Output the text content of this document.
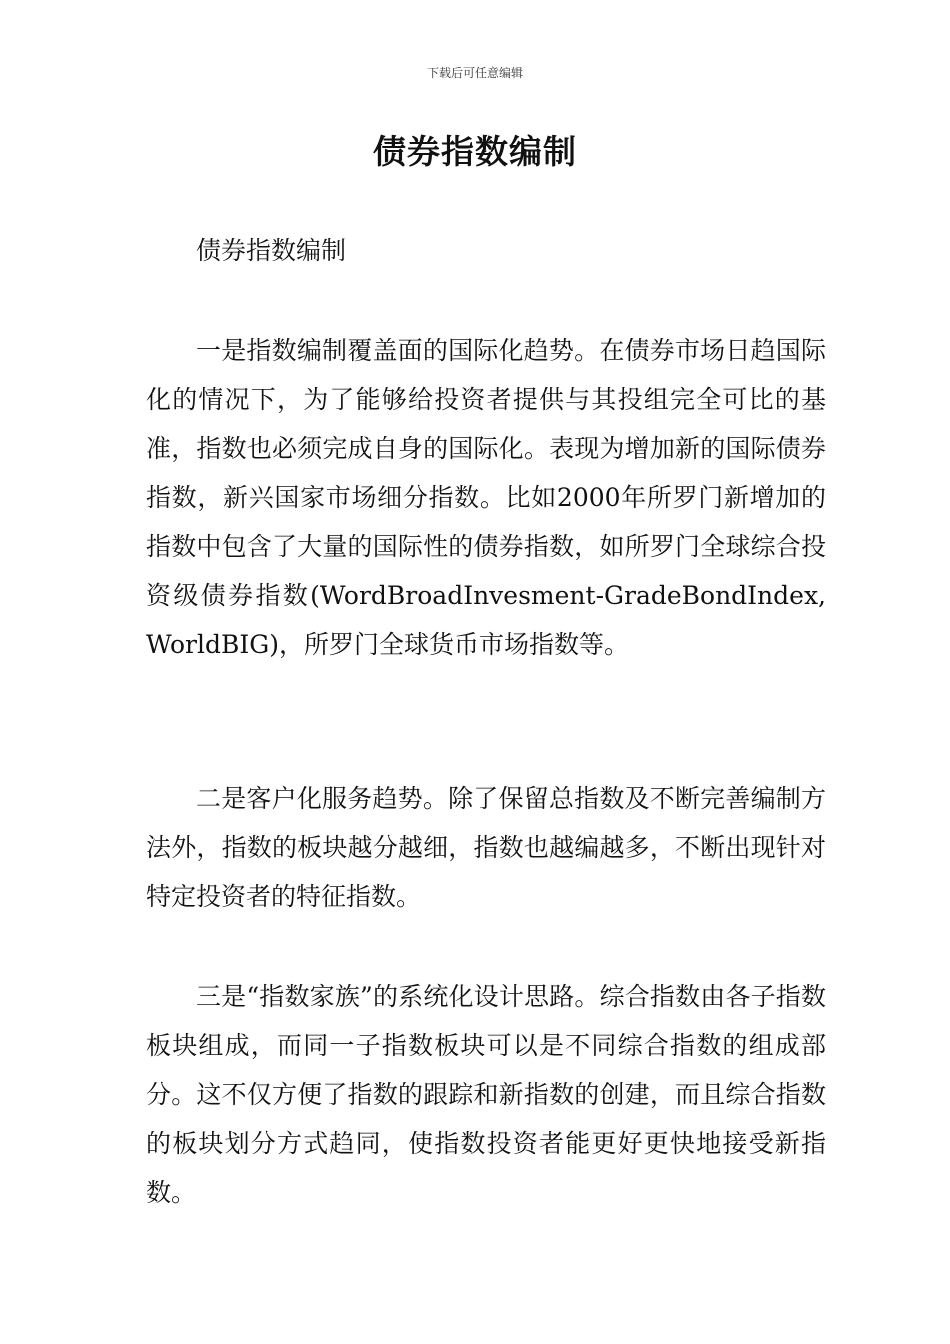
下载后可任意编辑
债券指数编制

债券指数编制

一是指数编制覆盖面的国际化趋势。在债券市场日趋国际化的情况下，为了能够给投资者提供与其投组完全可比的基准，指数也必须完成自身的国际化。表现为增加新的国际债券指数，新兴国家市场细分指数。比如2000年所罗门新增加的指数中包含了大量的国际性的债券指数，如所罗门全球综合投资级债券指数(WordBroadInvesment-GradeBondIndex,WorldBIG)，所罗门全球货币市场指数等。

二是客户化服务趋势。除了保留总指数及不断完善编制方法外，指数的板块越分越细，指数也越编越多，不断出现针对特定投资者的特征指数。

三是“指数家族”的系统化设计思路。综合指数由各子指数板块组成，而同一子指数板块可以是不同综合指数的组成部分。这不仅方便了指数的跟踪和新指数的创建，而且综合指数的板块划分方式趋同，使指数投资者能更好更快地接受新指数。
